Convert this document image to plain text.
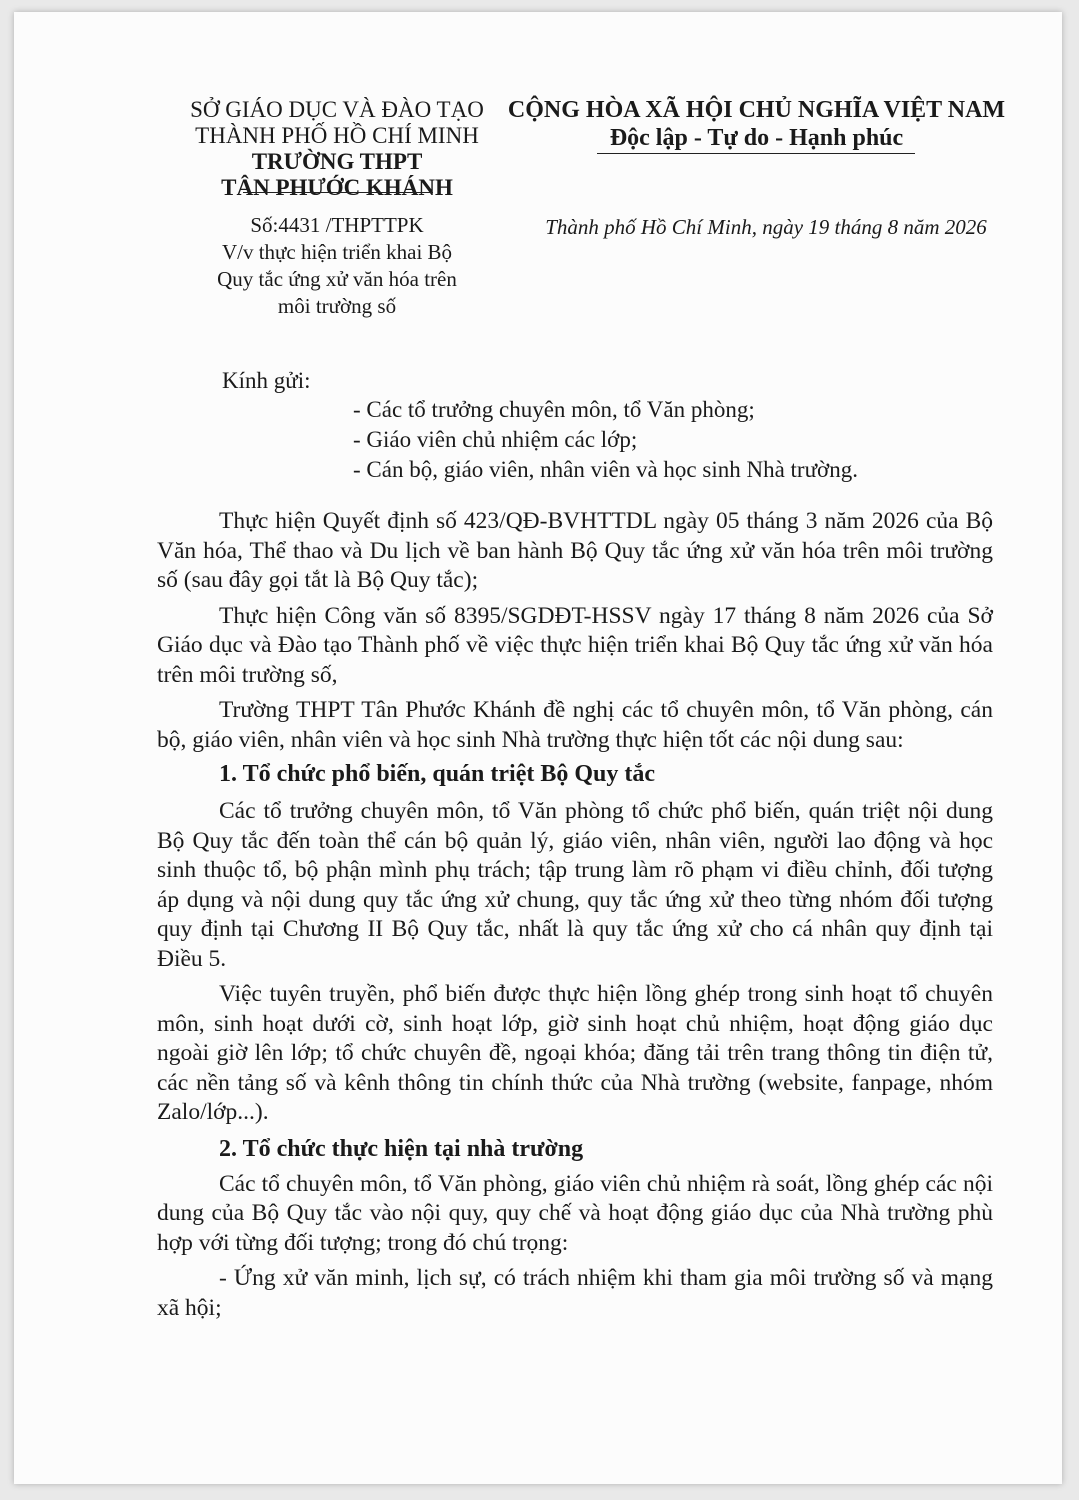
SỞ GIÁO DỤC VÀ ĐÀO TẠO
THÀNH PHỐ HỒ CHÍ MINH
TRƯỜNG THPT
TÂN PHƯỚC KHÁNH
CỘNG HÒA XÃ HỘI CHỦ NGHĨA VIỆT NAM
Độc lập - Tự do - Hạnh phúc
Số:4431 /THPTTPK
V/v thực hiện triển khai Bộ
Quy tắc ứng xử văn hóa trên
môi trường số
Thành phố Hồ Chí Minh, ngày 19 tháng 8 năm 2026
Kính gửi:
- Các tổ trưởng chuyên môn, tổ Văn phòng;
- Giáo viên chủ nhiệm các lớp;
- Cán bộ, giáo viên, nhân viên và học sinh Nhà trường.

Thực hiện Quyết định số 423/QĐ-BVHTTDL ngày 05 tháng 3 năm 2026 của Bộ Văn hóa, Thể thao và Du lịch về ban hành Bộ Quy tắc ứng xử văn hóa trên môi trường số (sau đây gọi tắt là Bộ Quy tắc);

Thực hiện Công văn số 8395/SGDĐT-HSSV ngày 17 tháng 8 năm 2026 của Sở Giáo dục và Đào tạo Thành phố về việc thực hiện triển khai Bộ Quy tắc ứng xử văn hóa trên môi trường số,

Trường THPT Tân Phước Khánh đề nghị các tổ chuyên môn, tổ Văn phòng, cán bộ, giáo viên, nhân viên và học sinh Nhà trường thực hiện tốt các nội dung sau:

1. Tổ chức phổ biến, quán triệt Bộ Quy tắc

Các tổ trưởng chuyên môn, tổ Văn phòng tổ chức phổ biến, quán triệt nội dung Bộ Quy tắc đến toàn thể cán bộ quản lý, giáo viên, nhân viên, người lao động và học sinh thuộc tổ, bộ phận mình phụ trách; tập trung làm rõ phạm vi điều chỉnh, đối tượng áp dụng và nội dung quy tắc ứng xử chung, quy tắc ứng xử theo từng nhóm đối tượng quy định tại Chương II Bộ Quy tắc, nhất là quy tắc ứng xử cho cá nhân quy định tại Điều 5.

Việc tuyên truyền, phổ biến được thực hiện lồng ghép trong sinh hoạt tổ chuyên môn, sinh hoạt dưới cờ, sinh hoạt lớp, giờ sinh hoạt chủ nhiệm, hoạt động giáo dục ngoài giờ lên lớp; tổ chức chuyên đề, ngoại khóa; đăng tải trên trang thông tin điện tử, các nền tảng số và kênh thông tin chính thức của Nhà trường (website, fanpage, nhóm Zalo/lớp...).

2. Tổ chức thực hiện tại nhà trường

Các tổ chuyên môn, tổ Văn phòng, giáo viên chủ nhiệm rà soát, lồng ghép các nội dung của Bộ Quy tắc vào nội quy, quy chế và hoạt động giáo dục của Nhà trường phù hợp với từng đối tượng; trong đó chú trọng:

- Ứng xử văn minh, lịch sự, có trách nhiệm khi tham gia môi trường số và mạng xã hội;
